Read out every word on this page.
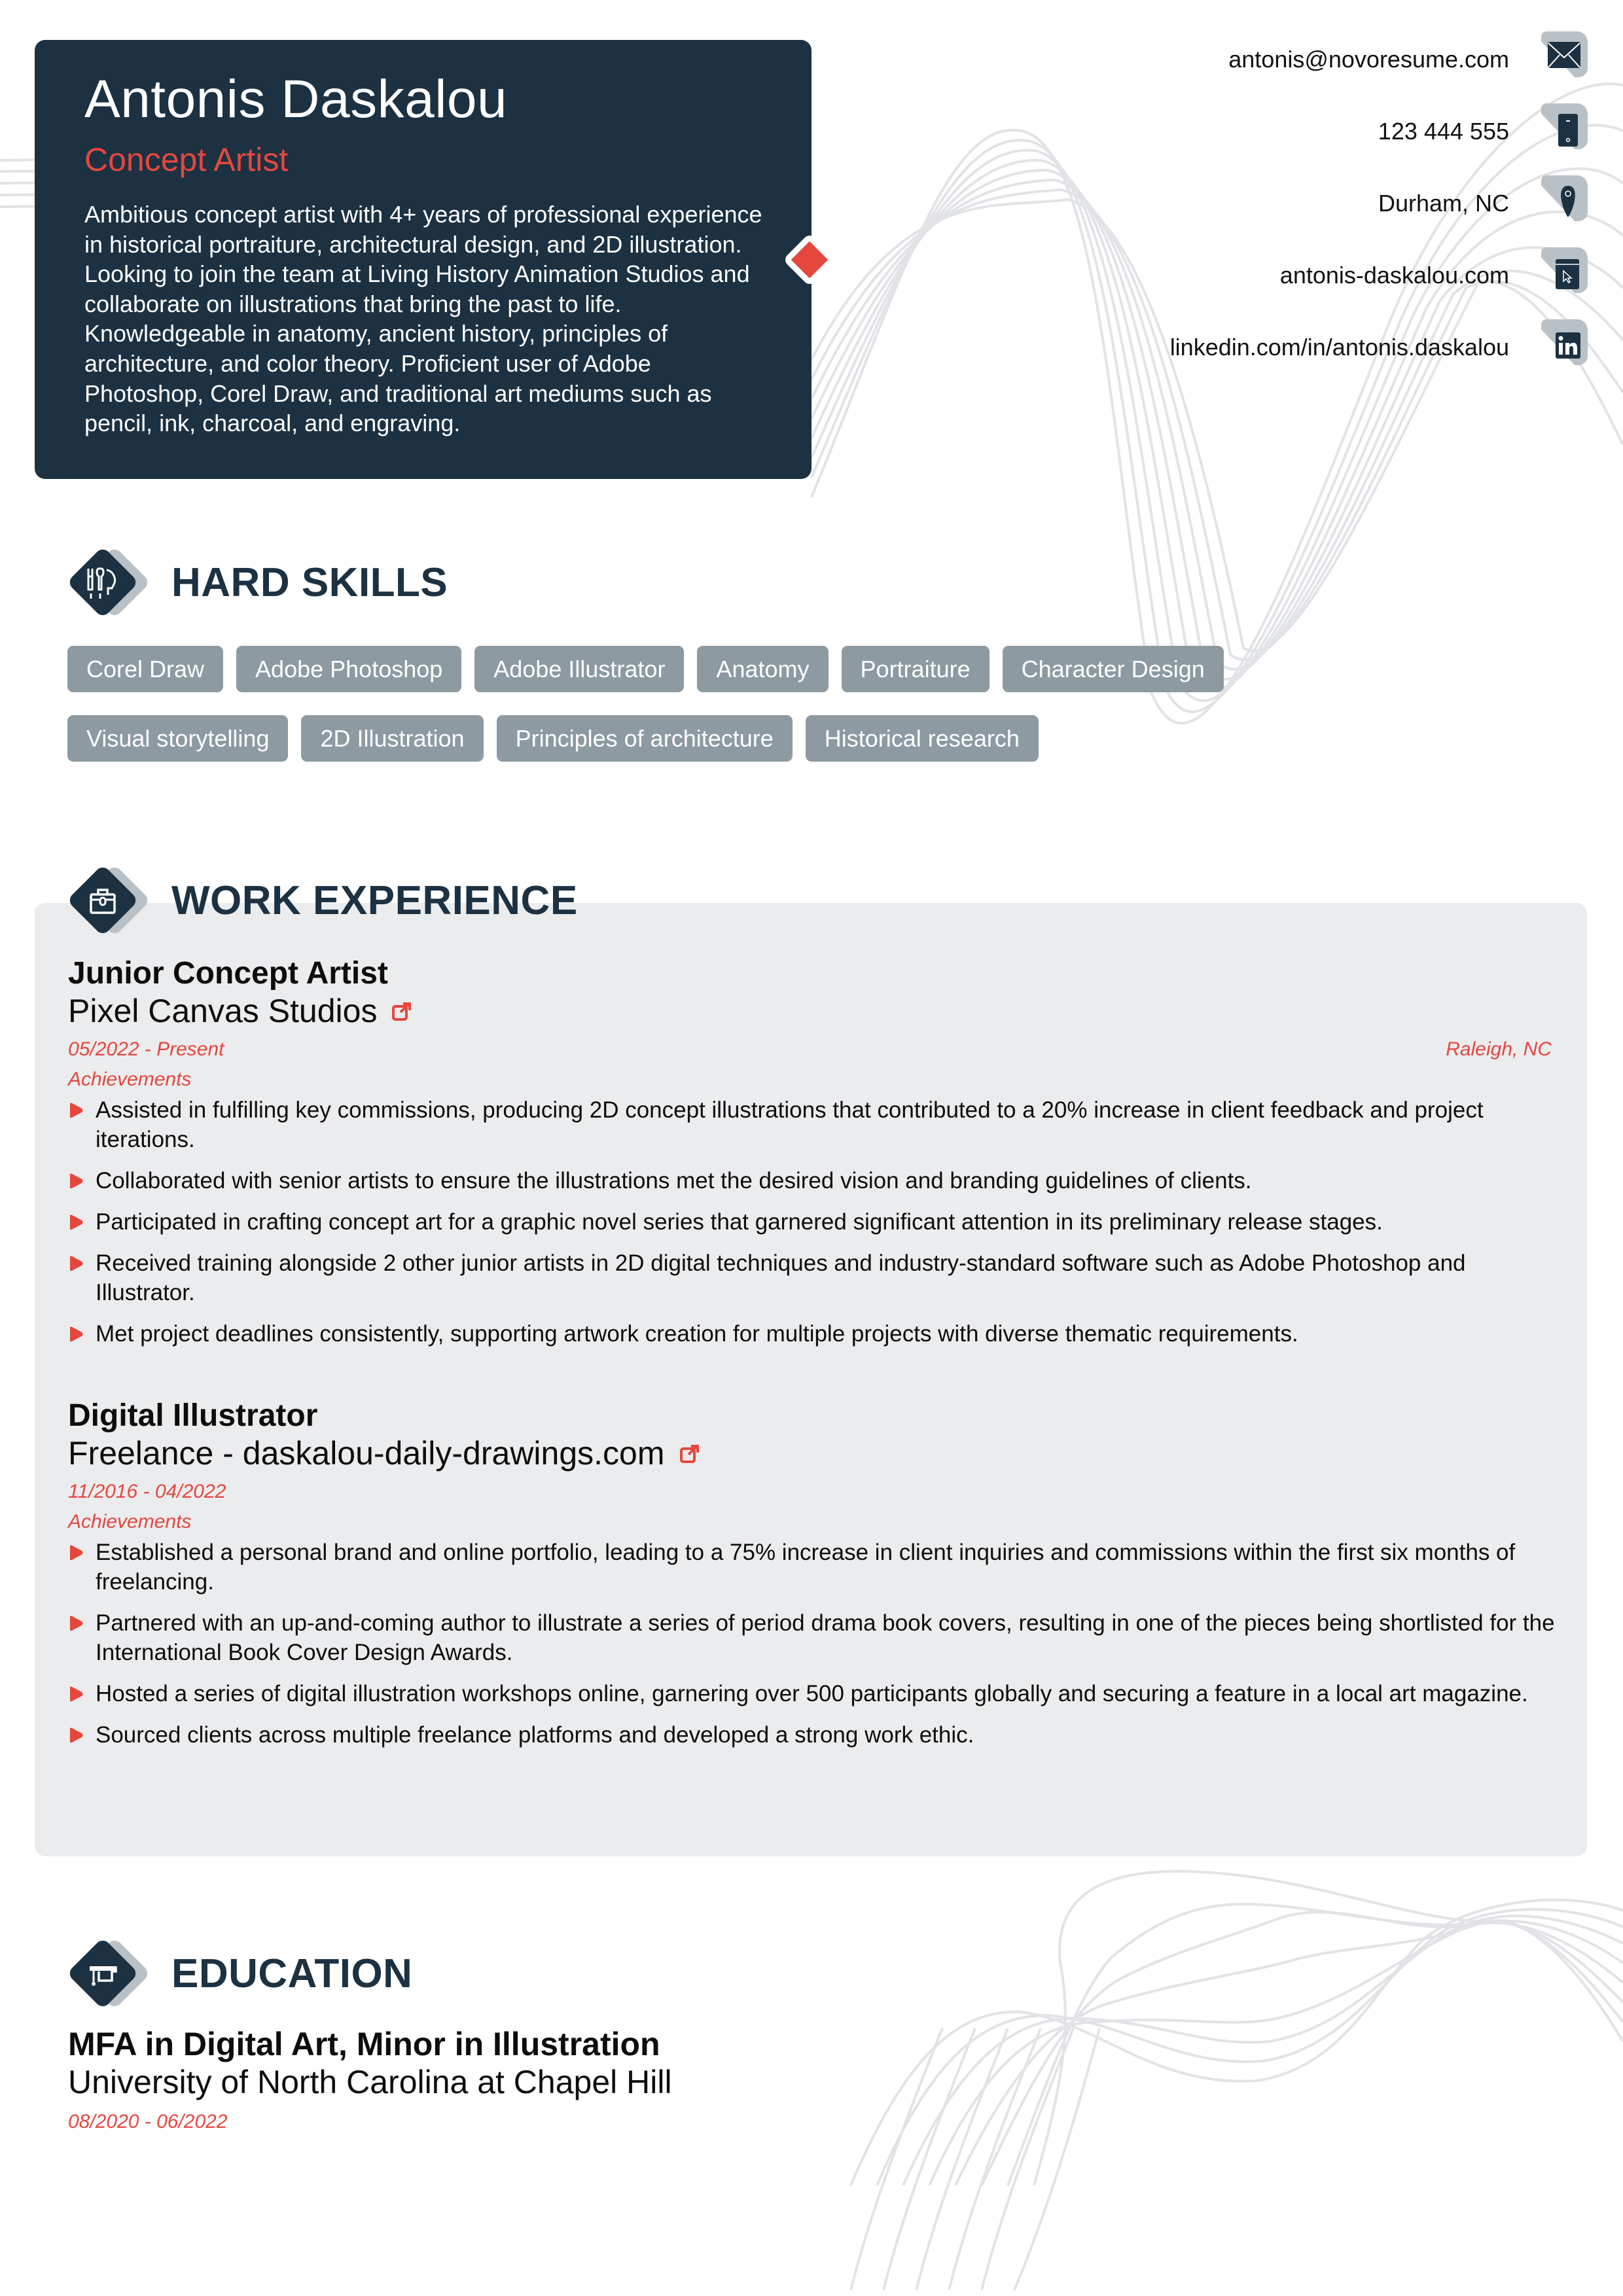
Antonis Daskalou
Concept Artist
Ambitious concept artist with 4+ years of professional experience in historical portraiture, architectural design, and 2D illustration. Looking to join the team at Living History Animation Studios and collaborate on illustrations that bring the past to life. Knowledgeable in anatomy, ancient history, principles of architecture, and color theory. Proficient user of Adobe Photoshop, Corel Draw, and traditional art mediums such as pencil, ink, charcoal, and engraving.
antonis@novoresume.com
123 444 555
Durham, NC
antonis-daskalou.com
linkedin.com/in/antonis.daskalou
HARD SKILLS
Corel Draw	Adobe Photoshop	Adobe Illustrator	Anatomy	Portraiture	Character Design
Visual storytelling	2D Illustration	Principles of architecture	Historical research
WORK EXPERIENCE
Junior Concept Artist
Pixel Canvas Studios
05/2022 - Present	Raleigh, NC
Achievements
Assisted in fulfilling key commissions, producing 2D concept illustrations that contributed to a 20% increase in client feedback and project iterations.
Collaborated with senior artists to ensure the illustrations met the desired vision and branding guidelines of clients.
Participated in crafting concept art for a graphic novel series that garnered significant attention in its preliminary release stages.
Received training alongside 2 other junior artists in 2D digital techniques and industry-standard software such as Adobe Photoshop and Illustrator.
Met project deadlines consistently, supporting artwork creation for multiple projects with diverse thematic requirements.
Digital Illustrator
Freelance - daskalou-daily-drawings.com
11/2016 - 04/2022
Achievements
Established a personal brand and online portfolio, leading to a 75% increase in client inquiries and commissions within the first six months of freelancing.
Partnered with an up-and-coming author to illustrate a series of period drama book covers, resulting in one of the pieces being shortlisted for the International Book Cover Design Awards.
Hosted a series of digital illustration workshops online, garnering over 500 participants globally and securing a feature in a local art magazine.
Sourced clients across multiple freelance platforms and developed a strong work ethic.
EDUCATION
MFA in Digital Art, Minor in Illustration
University of North Carolina at Chapel Hill
08/2020 - 06/2022
